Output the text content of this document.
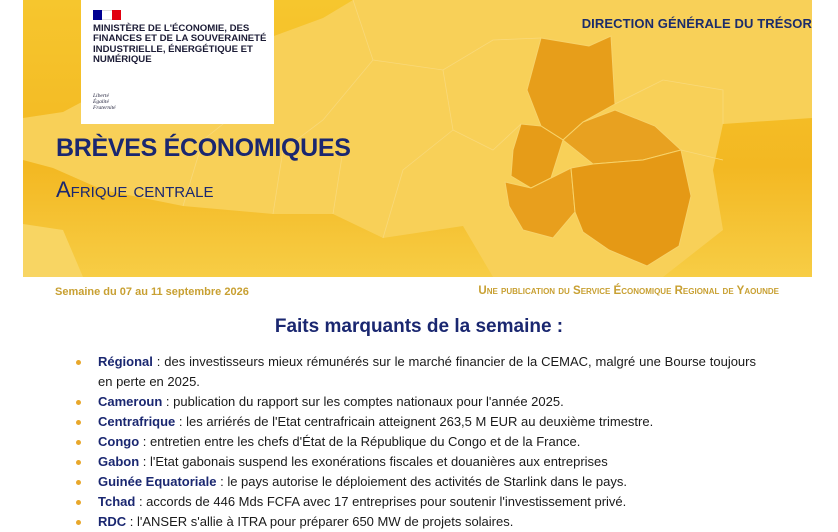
MINISTÈRE DE L'ÉCONOMIE, DES FINANCES ET DE LA SOUVERAINETÉ INDUSTRIELLE, ÉNERGÉTIQUE ET NUMÉRIQUE

Liberté
Égalité
Fraternité
DIRECTION GÉNÉRALE DU TRÉSOR
BRÈVES ÉCONOMIQUES
Afrique centrale
Semaine du 07 au 11 septembre 2026	Une publication du Service Économique Regional de Yaounde
Faits marquants de la semaine :
Régional : des investisseurs mieux rémunérés sur le marché financier de la CEMAC, malgré une Bourse toujours en perte en 2025.
Cameroun : publication du rapport sur les comptes nationaux pour l'année 2025.
Centrafrique : les arriérés de l'Etat centrafricain atteignent 263,5 M EUR au deuxième trimestre.
Congo : entretien entre les chefs d'État de la République du Congo et de la France.
Gabon : l'Etat gabonais suspend les exonérations fiscales et douanières aux entreprises
Guinée Equatoriale : le pays autorise le déploiement des activités de Starlink dans le pays.
Tchad : accords de 446 Mds FCFA avec 17 entreprises pour soutenir l'investissement privé.
RDC : l'ANSER s'allie à ITRA pour préparer 650 MW de projets solaires.
